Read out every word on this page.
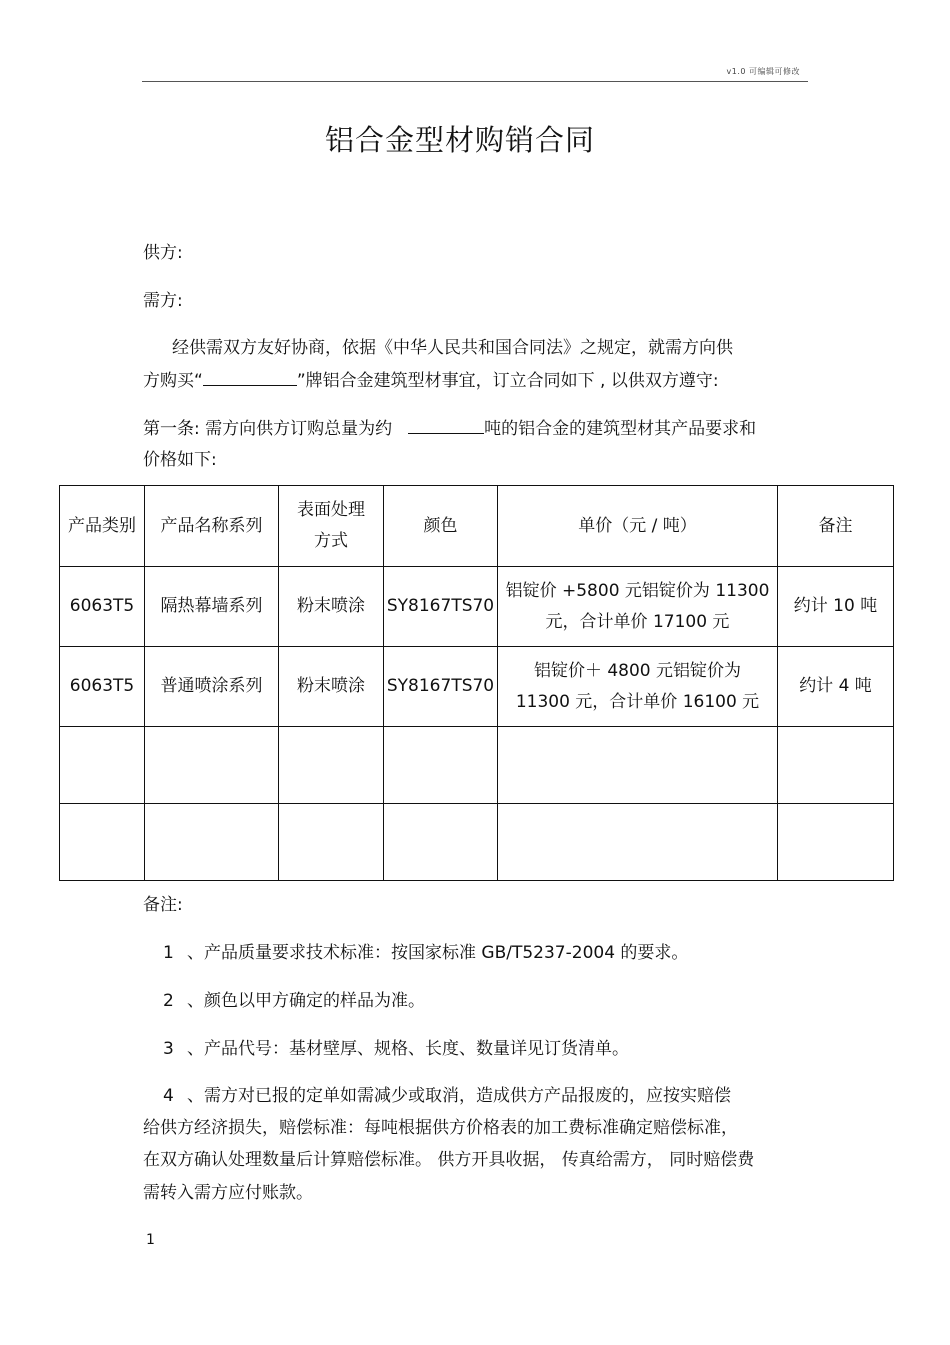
v1.0 可编辑可修改
铝合金型材购销合同
供方:
需方:
经供需双方友好协商，依据《中华人民共和国合同法》之规定，就需方向供
方购买“	”牌铝合金建筑型材事宜，订立合同如下 , 以供双方遵守:
第一条: 需方向供方订购总量为约	吨的铝合金的建筑型材其产品要求和
价格如下:
产品类别	产品名称系列	表面处理方式	颜色	单价（元 / 吨）	备注
6063T5	隔热幕墙系列	粉末喷涂	SY8167TS70	铝锭价 +5800 元铝锭价为 11300
元，合计单价 17100 元	约计 10 吨
6063T5	普通喷涂系列	粉末喷涂	SY8167TS70	铝锭价＋ 4800 元铝锭价为
11300 元，合计单价 16100 元	约计 4 吨

备注:
1 、产品质量要求技术标准：按国家标准 GB/T5237-2004 的要求。
2 、颜色以甲方确定的样品为准。
3 、产品代号：基材壁厚、规格、长度、数量详见订货清单。
4 、需方对已报的定单如需减少或取消，造成供方产品报废的，应按实赔偿
给供方经济损失，赔偿标准：每吨根据供方价格表的加工费标准确定赔偿标准，
在双方确认处理数量后计算赔偿标准。 供方开具收据， 传真给需方， 同时赔偿费
需转入需方应付账款。
1
